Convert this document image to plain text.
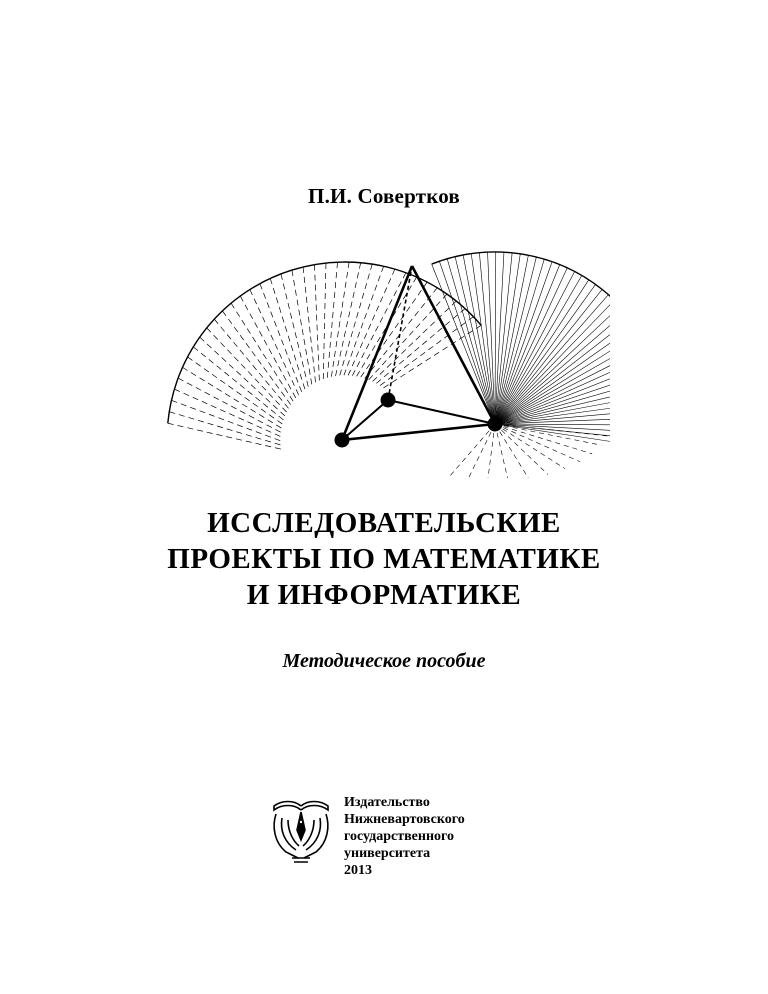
П.И. Совертков
ИССЛЕДОВАТЕЛЬСКИЕ
ПРОЕКТЫ ПО МАТЕМАТИКЕ
И ИНФОРМАТИКЕ
Методическое пособие
Издательство
Нижневартовского
государственного
университета
2013
